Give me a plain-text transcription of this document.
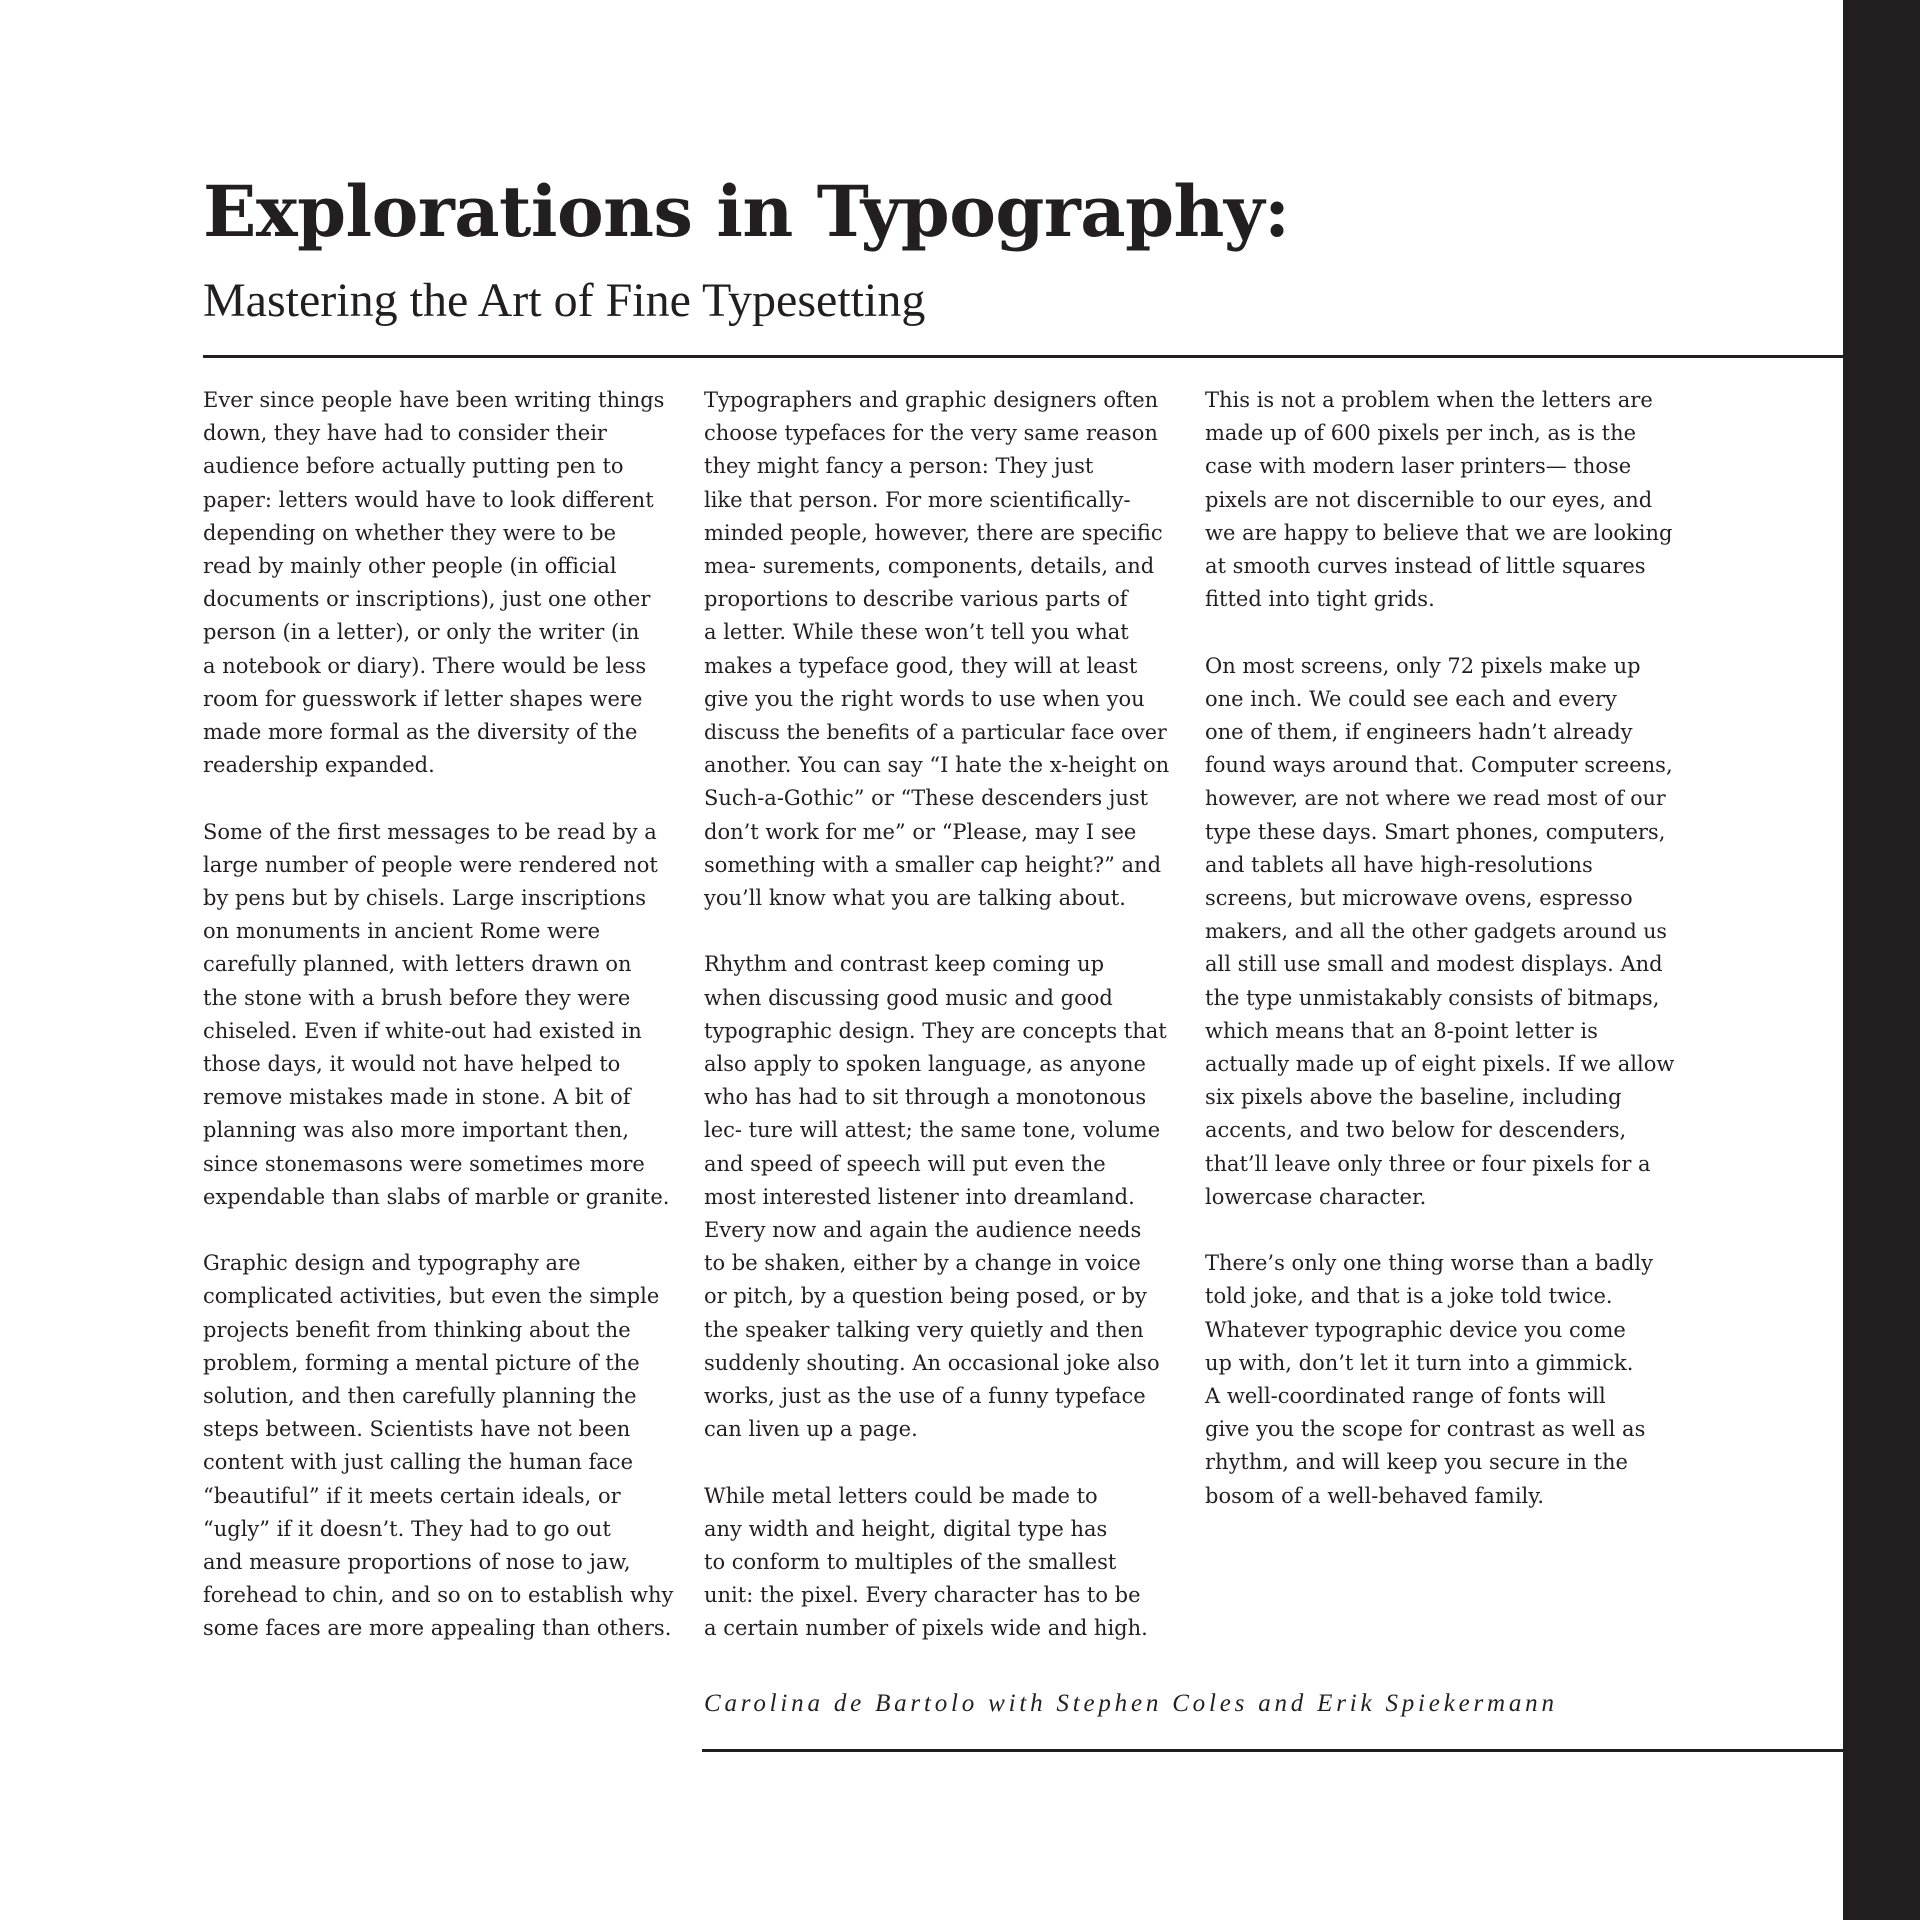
Explorations in Typography:
Mastering the Art of Fine Typesetting

Ever since people have been writing things
down, they have had to consider their
audience before actually putting pen to
paper: letters would have to look different
depending on whether they were to be
read by mainly other people (in official
documents or inscriptions), just one other
person (in a letter), or only the writer (in
a notebook or diary). There would be less
room for guesswork if letter shapes were
made more formal as the diversity of the
readership expanded.

Some of the first messages to be read by a
large number of people were rendered not
by pens but by chisels. Large inscriptions
on monuments in ancient Rome were
carefully planned, with letters drawn on
the stone with a brush before they were
chiseled. Even if white-out had existed in
those days, it would not have helped to
remove mistakes made in stone. A bit of
planning was also more important then,
since stonemasons were sometimes more
expendable than slabs of marble or granite.

Graphic design and typography are
complicated activities, but even the simple
projects benefit from thinking about the
problem, forming a mental picture of the
solution, and then carefully planning the
steps between. Scientists have not been
content with just calling the human face
“beautiful” if it meets certain ideals, or
“ugly” if it doesn’t. They had to go out
and measure proportions of nose to jaw,
forehead to chin, and so on to establish why
some faces are more appealing than others.

Typographers and graphic designers often
choose typefaces for the very same reason
they might fancy a person: They just
like that person. For more scientifically-
minded people, however, there are specific
mea- surements, components, details, and
proportions to describe various parts of
a letter. While these won’t tell you what
makes a typeface good, they will at least
give you the right words to use when you
discuss the benefits of a particular face over
another. You can say “I hate the x-height on
Such-a-Gothic” or “These descenders just
don’t work for me” or “Please, may I see
something with a smaller cap height?” and
you’ll know what you are talking about.

Rhythm and contrast keep coming up
when discussing good music and good
typographic design. They are concepts that
also apply to spoken language, as anyone
who has had to sit through a monotonous
lec- ture will attest; the same tone, volume
and speed of speech will put even the
most interested listener into dreamland.
Every now and again the audience needs
to be shaken, either by a change in voice
or pitch, by a question being posed, or by
the speaker talking very quietly and then
suddenly shouting. An occasional joke also
works, just as the use of a funny typeface
can liven up a page.

While metal letters could be made to
any width and height, digital type has
to conform to multiples of the smallest
unit: the pixel. Every character has to be
a certain number of pixels wide and high.

This is not a problem when the letters are
made up of 600 pixels per inch, as is the
case with modern laser printers— those
pixels are not discernible to our eyes, and
we are happy to believe that we are looking
at smooth curves instead of little squares
fitted into tight grids.

On most screens, only 72 pixels make up
one inch. We could see each and every
one of them, if engineers hadn’t already
found ways around that. Computer screens,
however, are not where we read most of our
type these days. Smart phones, computers,
and tablets all have high-resolutions
screens, but microwave ovens, espresso
makers, and all the other gadgets around us
all still use small and modest displays. And
the type unmistakably consists of bitmaps,
which means that an 8-point letter is
actually made up of eight pixels. If we allow
six pixels above the baseline, including
accents, and two below for descenders,
that’ll leave only three or four pixels for a
lowercase character.

There’s only one thing worse than a badly
told joke, and that is a joke told twice.
Whatever typographic device you come
up with, don’t let it turn into a gimmick.
A well-coordinated range of fonts will
give you the scope for contrast as well as
rhythm, and will keep you secure in the
bosom of a well-behaved family.

Carolina de Bartolo with Stephen Coles and Erik Spiekermann
